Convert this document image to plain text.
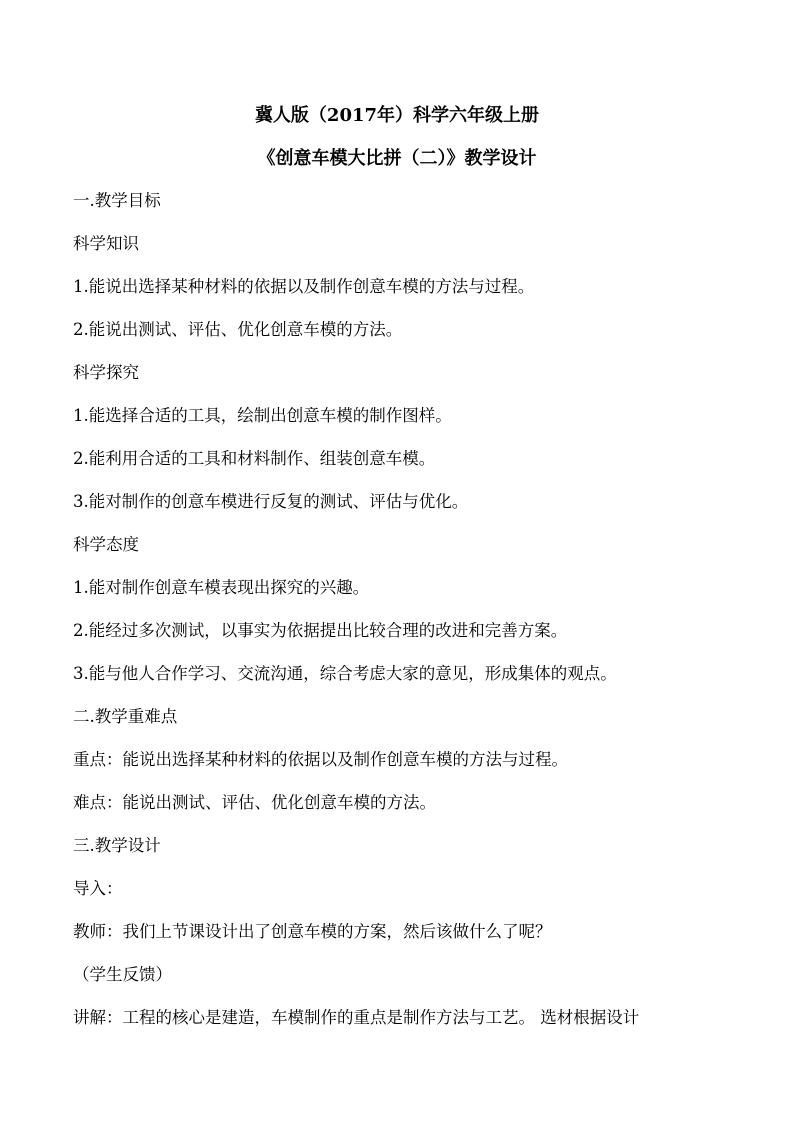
冀人版（2017年）科学六年级上册
《创意车模大比拼（二）》教学设计
一.教学目标
科学知识
1.能说出选择某种材料的依据以及制作创意车模的方法与过程。
2.能说出测试、评估、优化创意车模的方法。
科学探究
1.能选择合适的工具，绘制出创意车模的制作图样。
2.能利用合适的工具和材料制作、组装创意车模。
3.能对制作的创意车模进行反复的测试、评估与优化。
科学态度
1.能对制作创意车模表现出探究的兴趣。
2.能经过多次测试，以事实为依据提出比较合理的改进和完善方案。
3.能与他人合作学习、交流沟通，综合考虑大家的意见，形成集体的观点。
二.教学重难点
重点：能说出选择某种材料的依据以及制作创意车模的方法与过程。
难点：能说出测试、评估、优化创意车模的方法。
三.教学设计
导入：
教师：我们上节课设计出了创意车模的方案，然后该做什么了呢？
（学生反馈）
讲解：工程的核心是建造，车模制作的重点是制作方法与工艺。 选材根据设计
